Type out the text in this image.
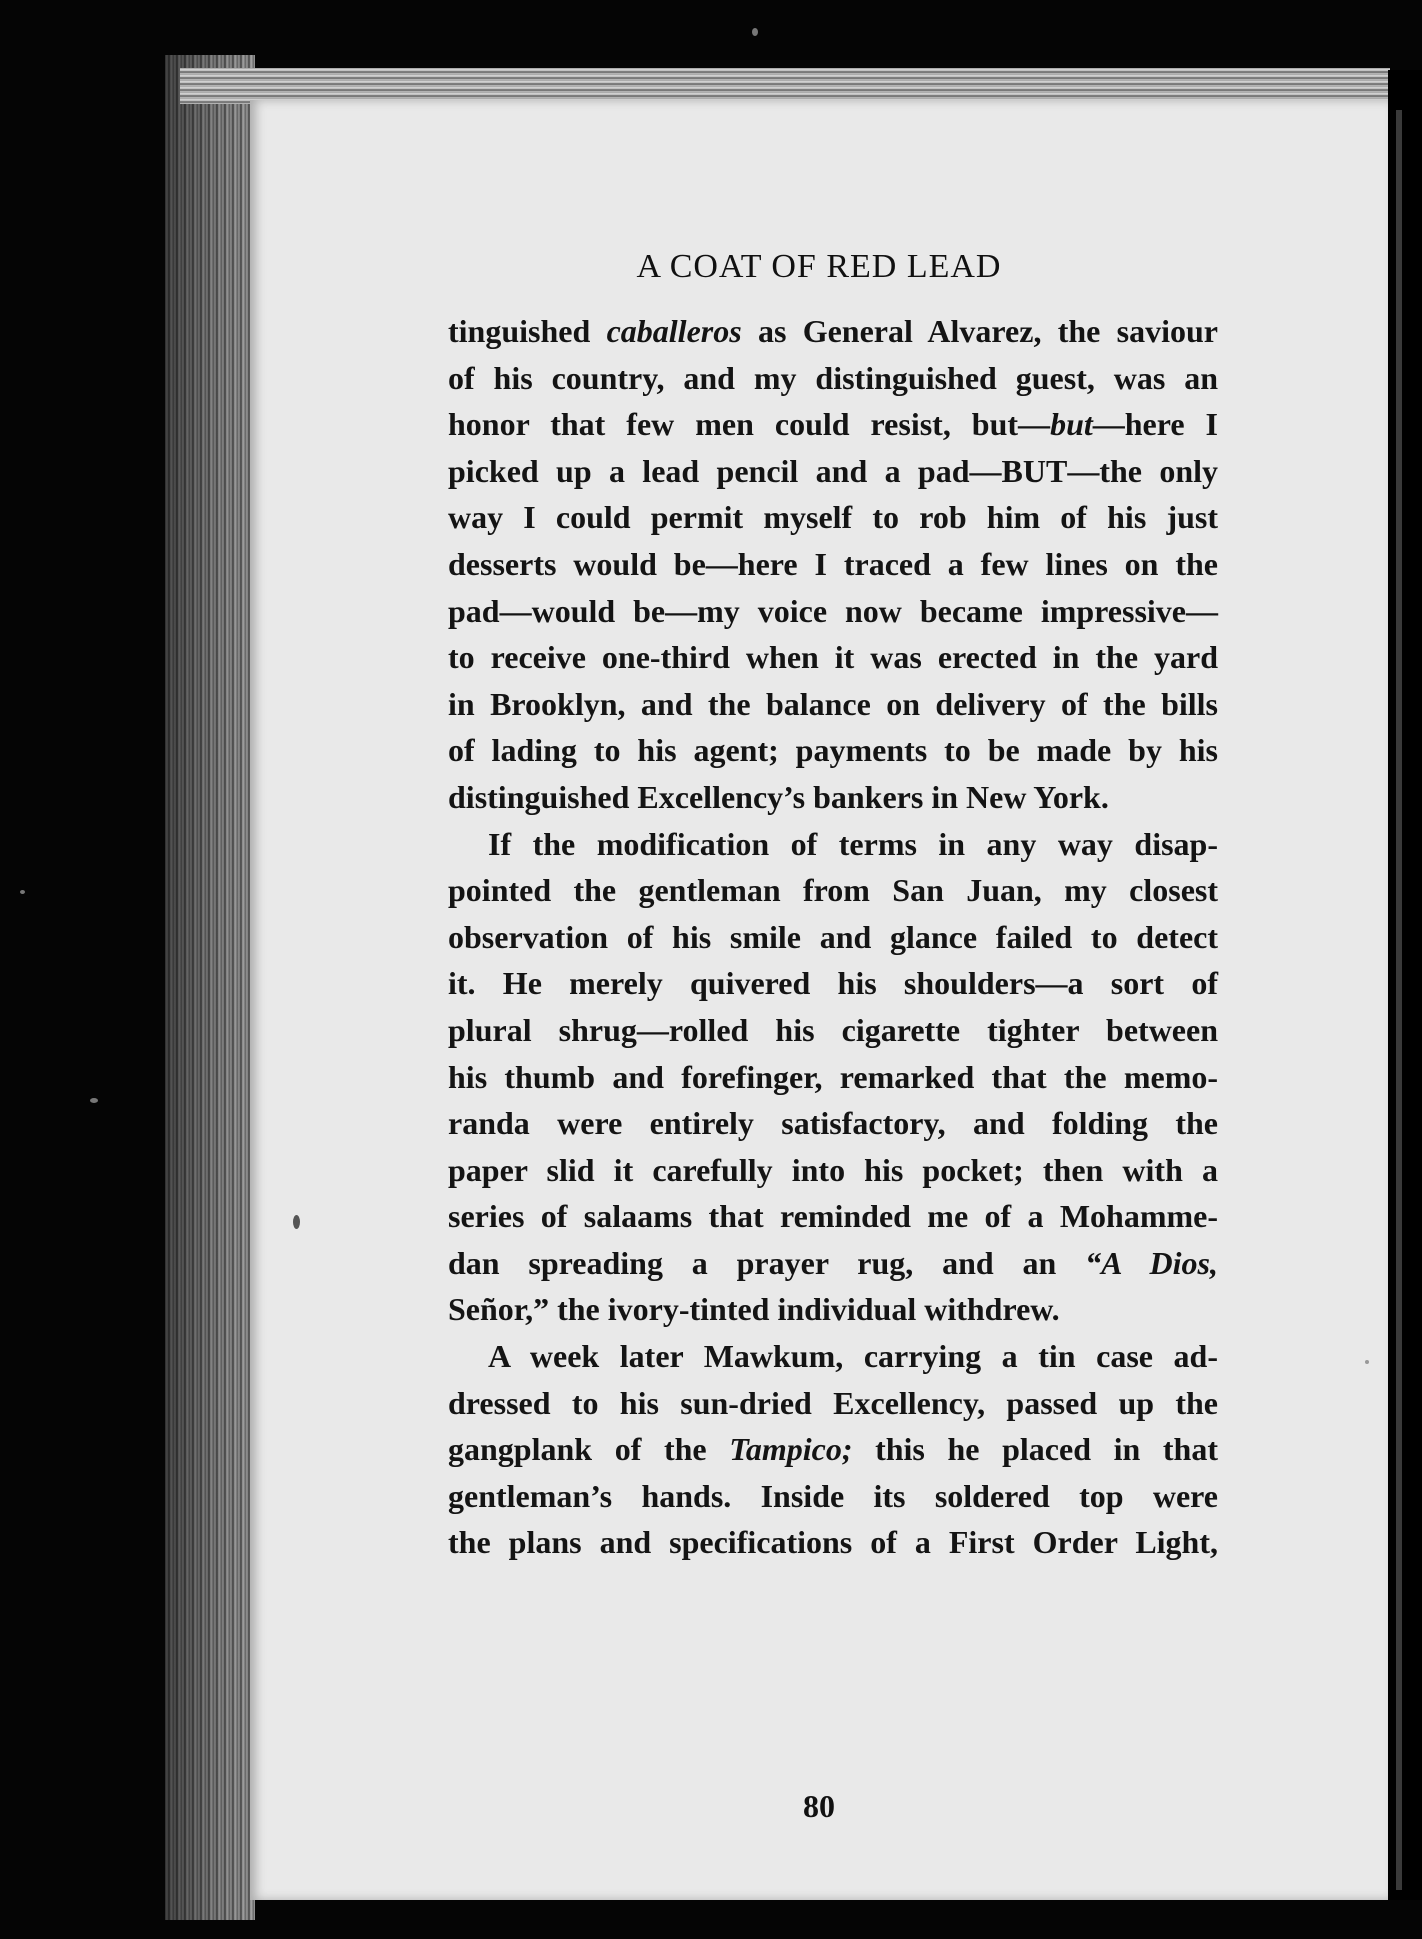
A COAT OF RED LEAD
tinguished caballeros as General Alvarez, the saviour
of his country, and my distinguished guest, was an
honor that few men could resist, but—but—here I
picked up a lead pencil and a pad—BUT—the only
way I could permit myself to rob him of his just
desserts would be—here I traced a few lines on the
pad—would be—my voice now became impressive—
to receive one-third when it was erected in the yard
in Brooklyn, and the balance on delivery of the bills
of lading to his agent; payments to be made by his
distinguished Excellency’s bankers in New York.
If the modification of terms in any way disap-
pointed the gentleman from San Juan, my closest
observation of his smile and glance failed to detect
it. He merely quivered his shoulders—a sort of
plural shrug—rolled his cigarette tighter between
his thumb and forefinger, remarked that the memo-
randa were entirely satisfactory, and folding the
paper slid it carefully into his pocket; then with a
series of salaams that reminded me of a Mohamme-
dan spreading a prayer rug, and an “A Dios,
Señor,” the ivory-tinted individual withdrew.
A week later Mawkum, carrying a tin case ad-
dressed to his sun-dried Excellency, passed up the
gangplank of the Tampico; this he placed in that
gentleman’s hands. Inside its soldered top were
the plans and specifications of a First Order Light,
80
